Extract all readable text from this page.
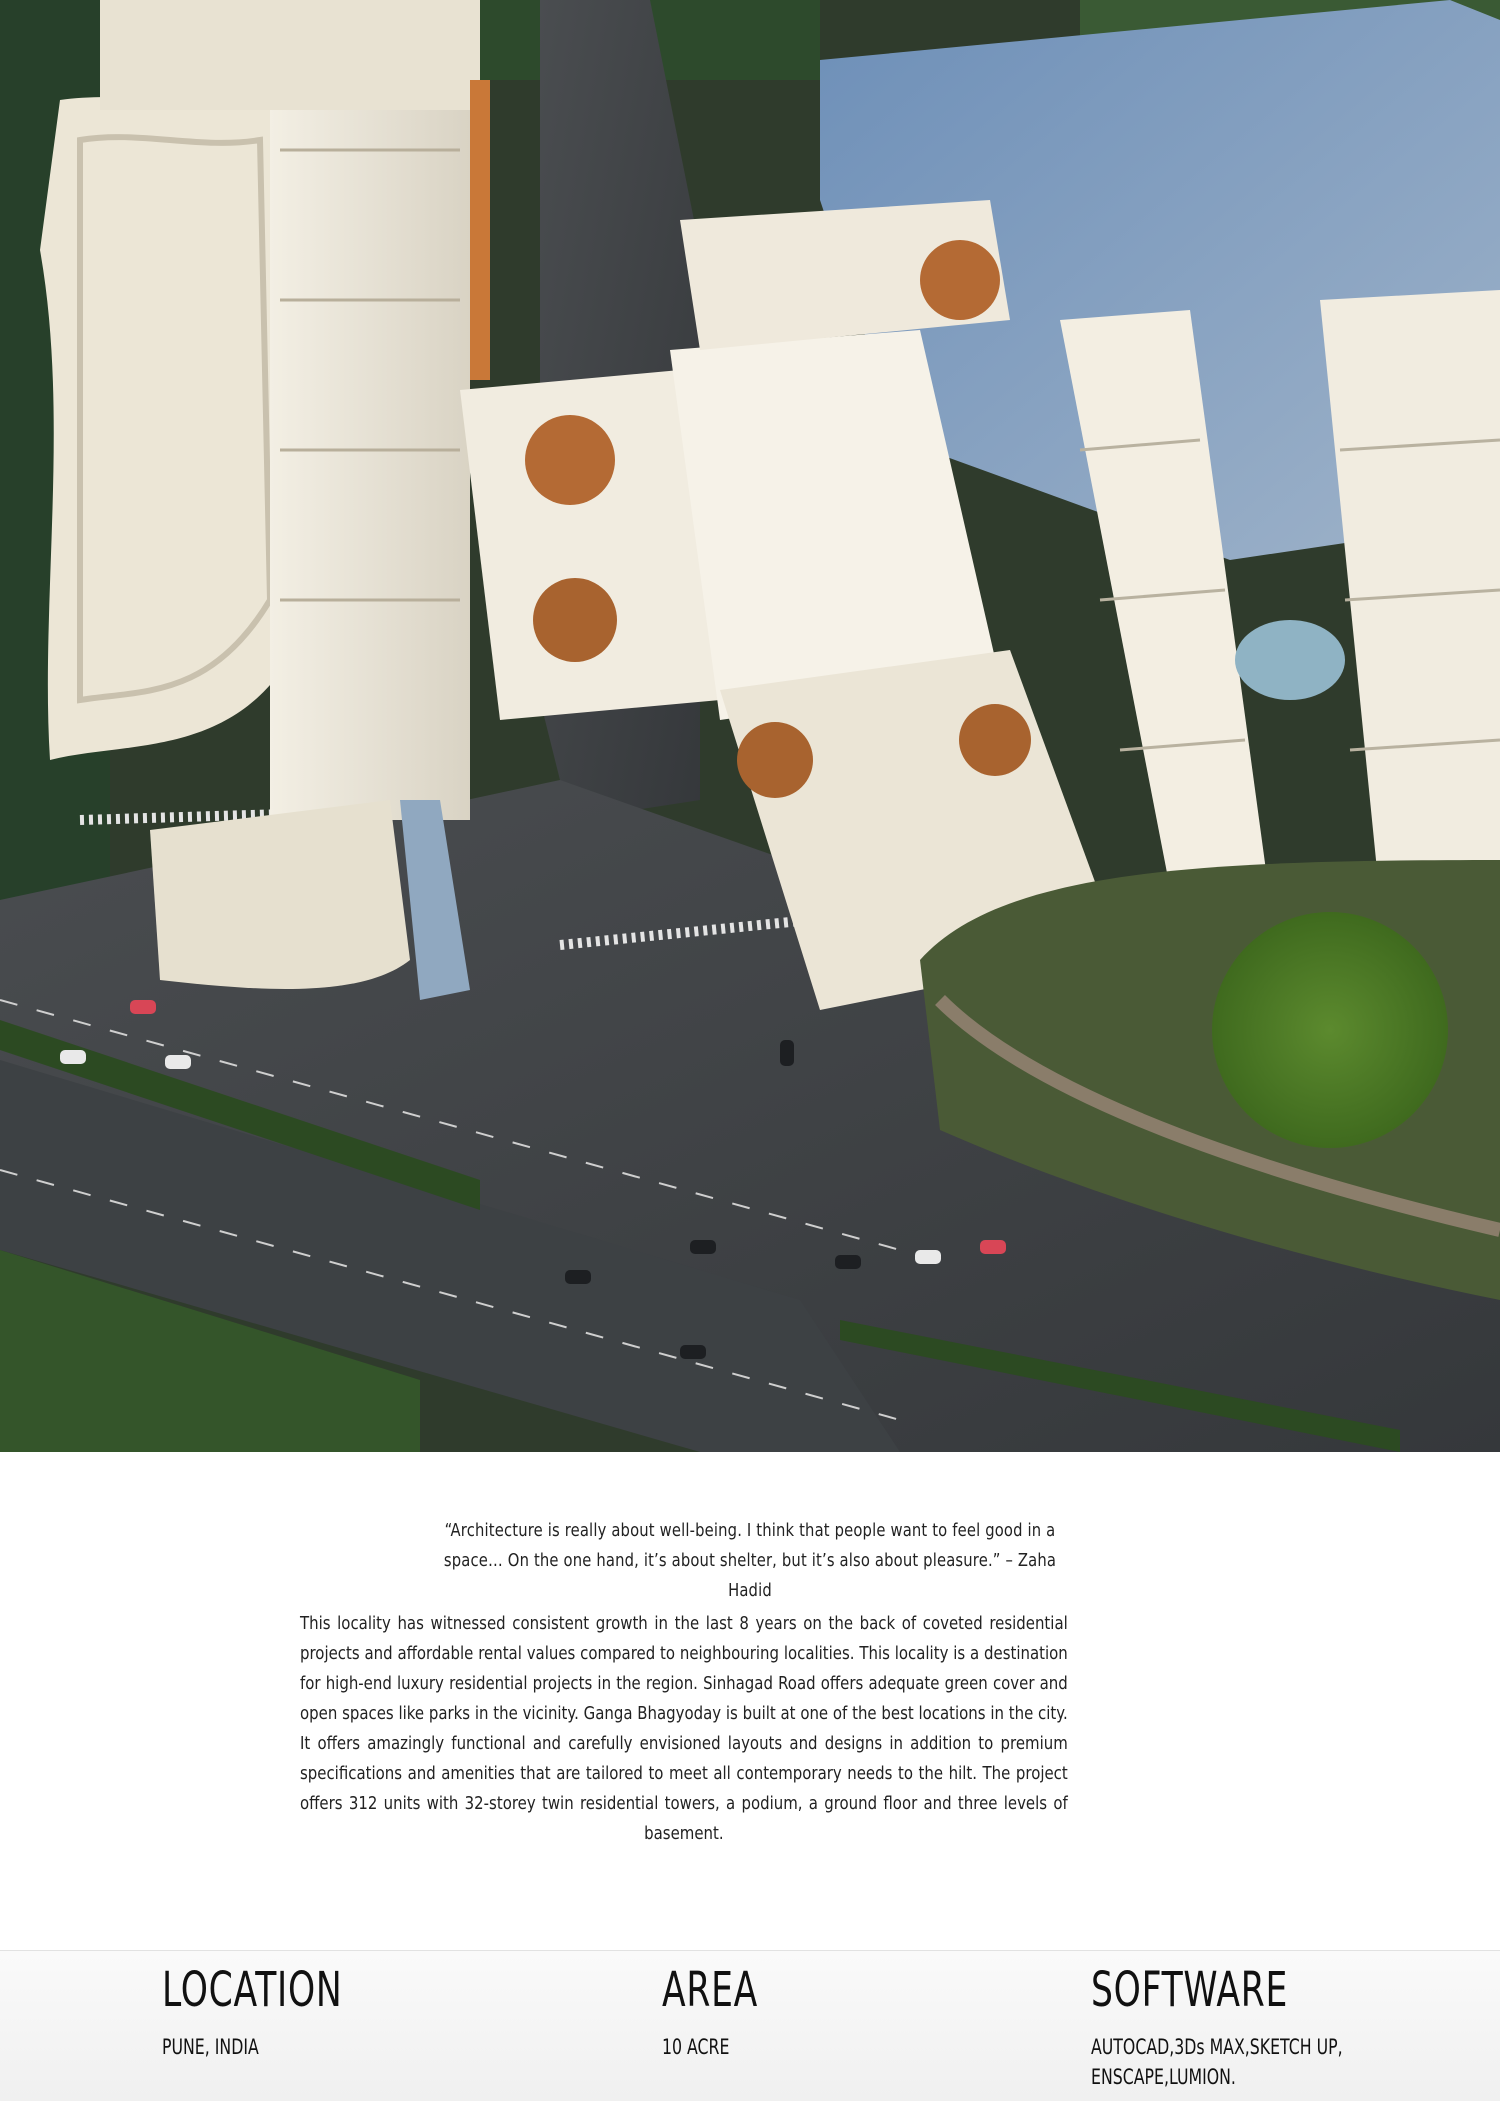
“Architecture is really about well-being. I think that people want to feel good in a space… On the one hand, it’s about shelter, but it’s also about pleasure.” – Zaha Hadid
This locality has witnessed consistent growth in the last 8 years on the back of coveted residential projects and affordable rental values compared to neighbouring localities. This locality is a destination for high-end luxury residential projects in the region. Sinhagad Road offers adequate green cover and open spaces like parks in the vicinity. Ganga Bhagyoday is built at one of the best locations in the city. It offers amazingly functional and carefully envisioned layouts and designs in addition to premium specifications and amenities that are tailored to meet all contemporary needs to the hilt. The project offers 312 units with 32-storey twin residential towers, a podium, a ground floor and three levels of basement.
LOCATION
PUNE, INDIA
AREA
10 ACRE
SOFTWARE
AUTOCAD,3Ds MAX,SKETCH UP,
ENSCAPE,LUMION.
